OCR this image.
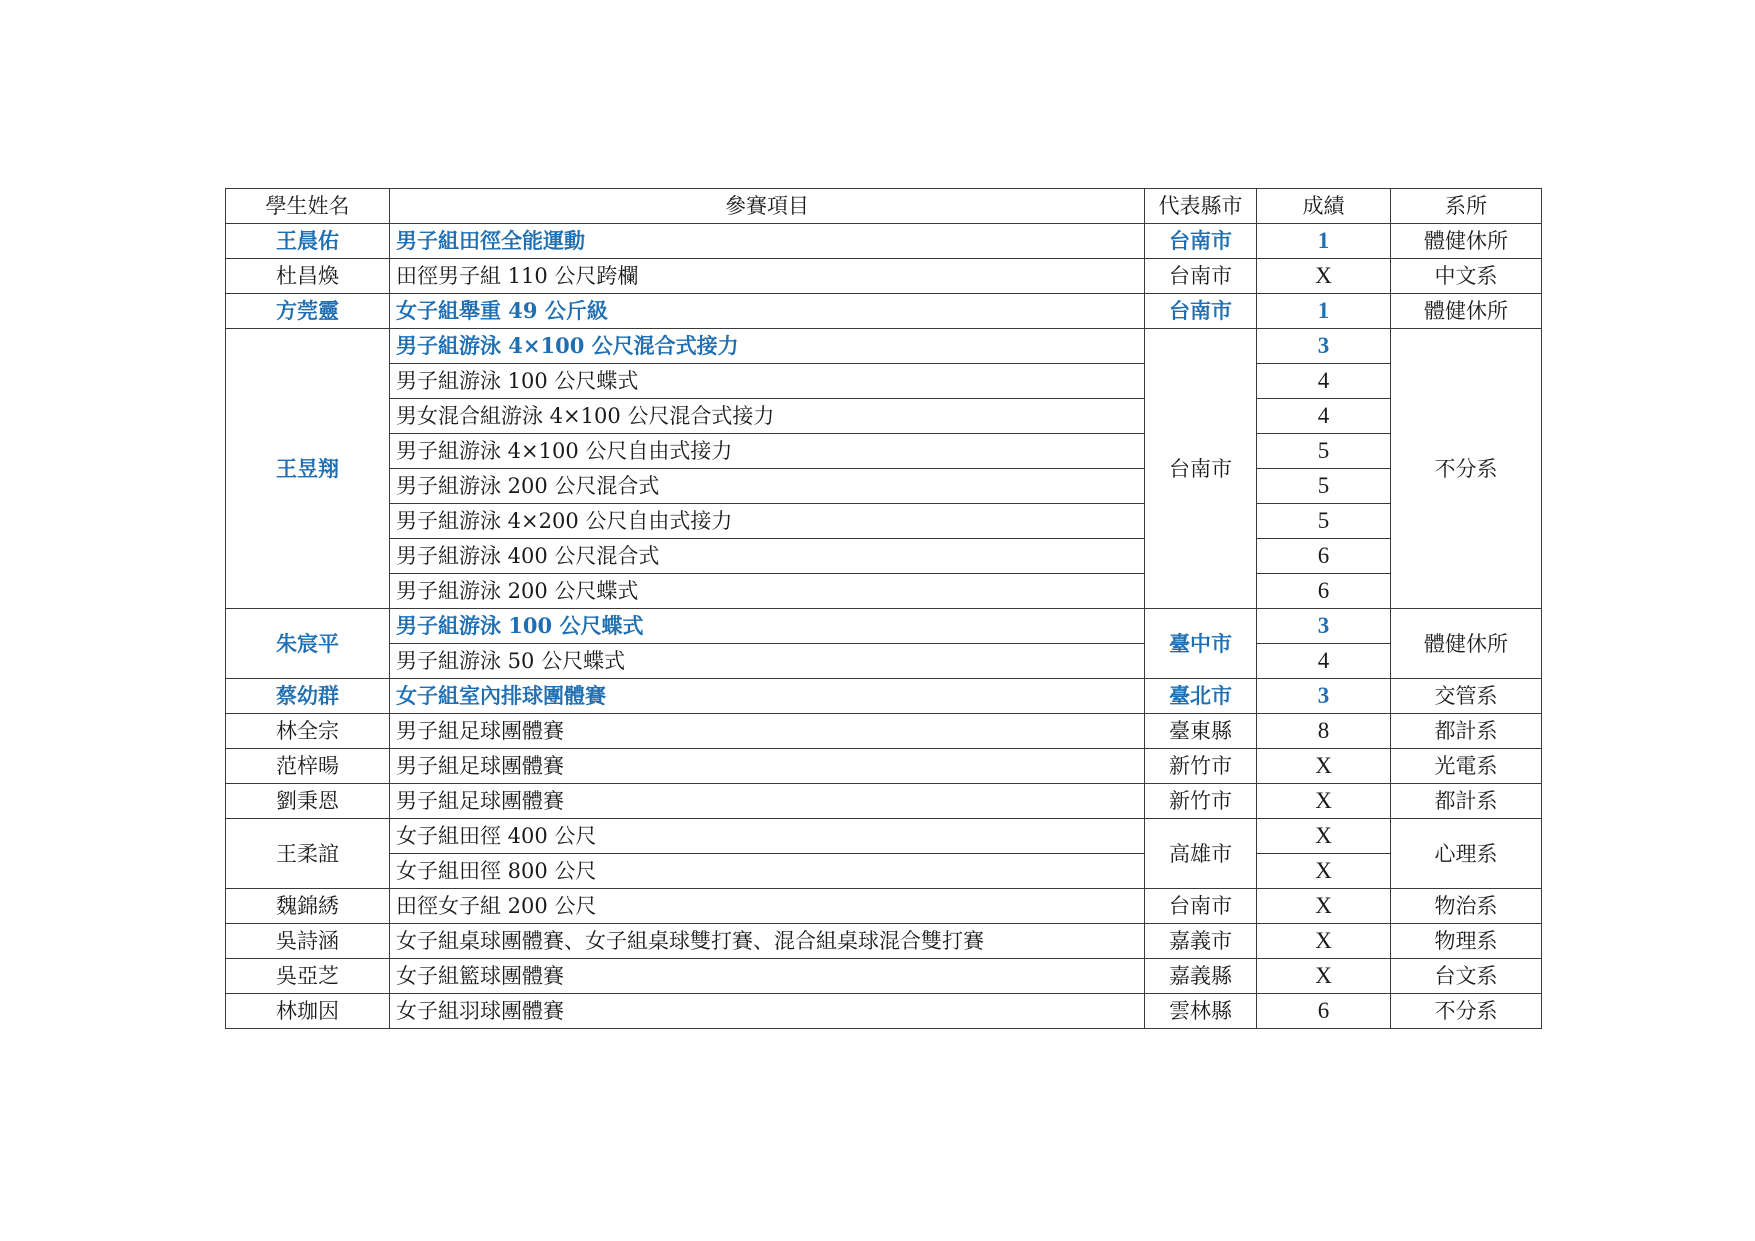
學生姓名	參賽項目	代表縣市	成績	系所
王晨佑	男子組田徑全能運動	台南市	1	體健休所
杜昌煥	田徑男子組 110 公尺跨欄	台南市	X	中文系
方莞靈	女子組舉重 49 公斤級	台南市	1	體健休所
王昱翔	男子組游泳 4×100 公尺混合式接力	台南市	3	不分系
	男子組游泳 100 公尺蝶式		4	
	男女混合組游泳 4×100 公尺混合式接力		4	
	男子組游泳 4×100 公尺自由式接力		5	
	男子組游泳 200 公尺混合式		5	
	男子組游泳 4×200 公尺自由式接力		5	
	男子組游泳 400 公尺混合式		6	
	男子組游泳 200 公尺蝶式		6	
朱宸平	男子組游泳 100 公尺蝶式	臺中市	3	體健休所
	男子組游泳 50 公尺蝶式		4	
蔡幼群	女子組室內排球團體賽	臺北市	3	交管系
林全宗	男子組足球團體賽	臺東縣	8	都計系
范梓暘	男子組足球團體賽	新竹市	X	光電系
劉秉恩	男子組足球團體賽	新竹市	X	都計系
王柔誼	女子組田徑 400 公尺	高雄市	X	心理系
	女子組田徑 800 公尺		X	
魏錦綉	田徑女子組 200 公尺	台南市	X	物治系
吳詩涵	女子組桌球團體賽、女子組桌球雙打賽、混合組桌球混合雙打賽	嘉義市	X	物理系
吳亞芝	女子組籃球團體賽	嘉義縣	X	台文系
林珈因	女子組羽球團體賽	雲林縣	6	不分系
